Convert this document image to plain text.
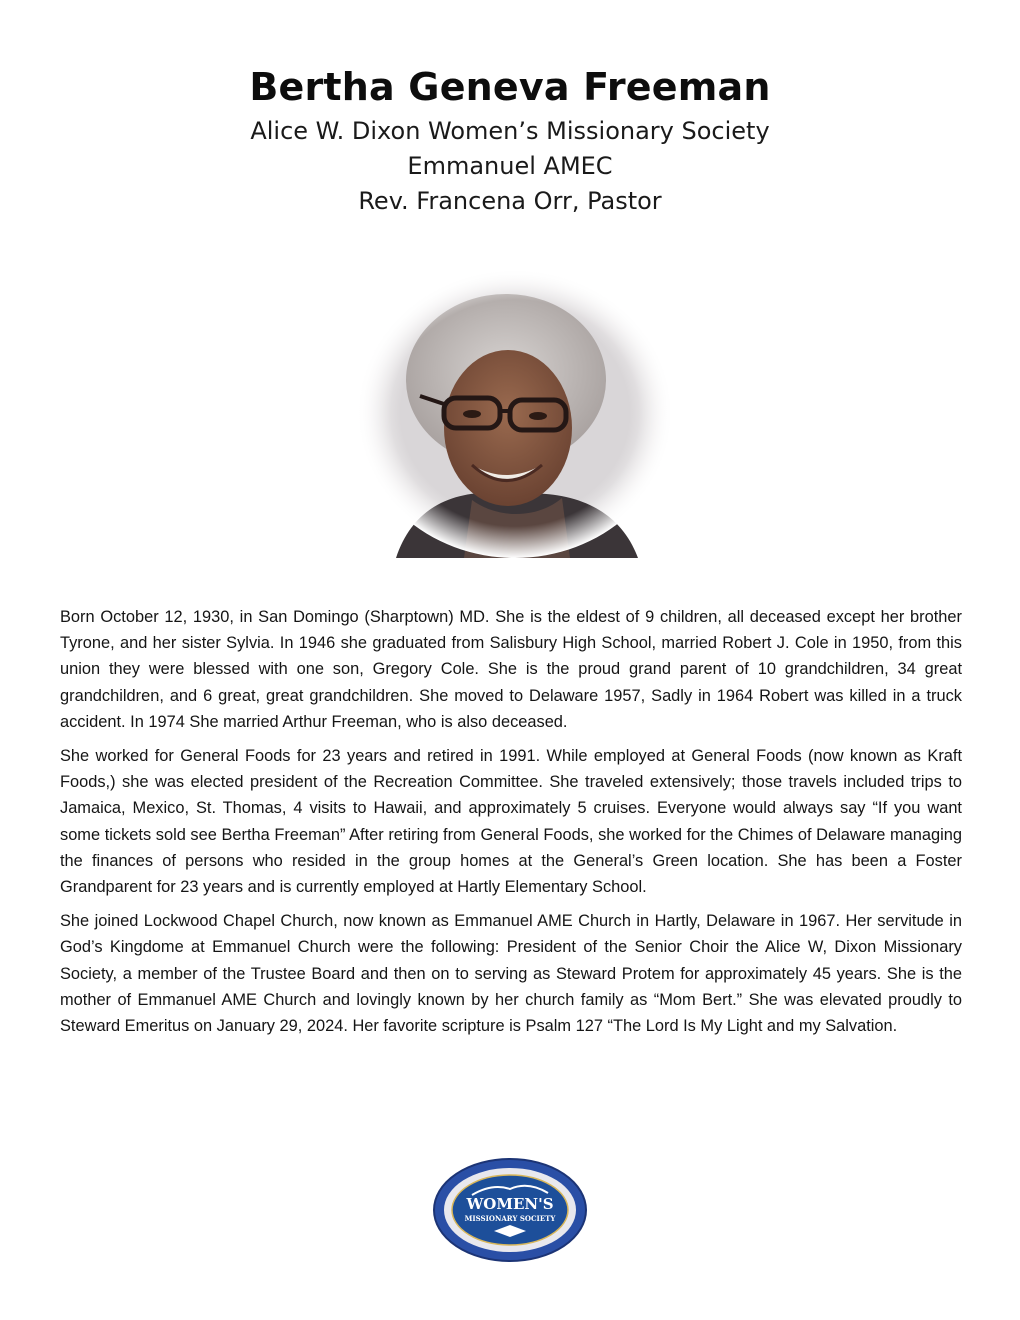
Bertha Geneva Freeman
Alice W. Dixon Women’s Missionary Society
Emmanuel AMEC
Rev. Francena Orr, Pastor

Born October 12, 1930, in San Domingo (Sharptown) MD. She is the eldest of 9 children, all deceased except her brother Tyrone, and her sister Sylvia. In 1946 she graduated from Salisbury High School, married Robert J. Cole in 1950, from this union they were blessed with one son, Gregory Cole. She is the proud grand parent of 10 grandchildren, 34 great grandchildren, and 6 great, great grandchildren. She moved to Delaware 1957, Sadly in 1964 Robert was killed in a truck accident. In 1974 She married Arthur Freeman, who is also deceased.

She worked for General Foods for 23 years and retired in 1991. While employed at General Foods (now known as Kraft Foods,) she was elected president of the Recreation Committee. She traveled extensively; those travels included trips to Jamaica, Mexico, St. Thomas, 4 visits to Hawaii, and approximately 5 cruises. Everyone would always say “If you want some tickets sold see Bertha Freeman” After retiring from General Foods, she worked for the Chimes of Delaware managing the finances of persons who resided in the group homes at the General’s Green location. She has been a Foster Grandparent for 23 years and is currently employed at Hartly Elementary School.

She joined Lockwood Chapel Church, now known as Emmanuel AME Church in Hartly, Delaware in 1967. Her servitude in God’s Kingdome at Emmanuel Church were the following: President of the Senior Choir the Alice W, Dixon Missionary Society, a member of the Trustee Board and then on to serving as Steward Protem for approximately 45 years. She is the mother of Emmanuel AME Church and lovingly known by her church family as “Mom Bert.” She was elevated proudly to Steward Emeritus on January 29, 2024. Her favorite scripture is Psalm 127 “The Lord Is My Light and my Salvation.

WOMEN'S
MISSIONARY SOCIETY
